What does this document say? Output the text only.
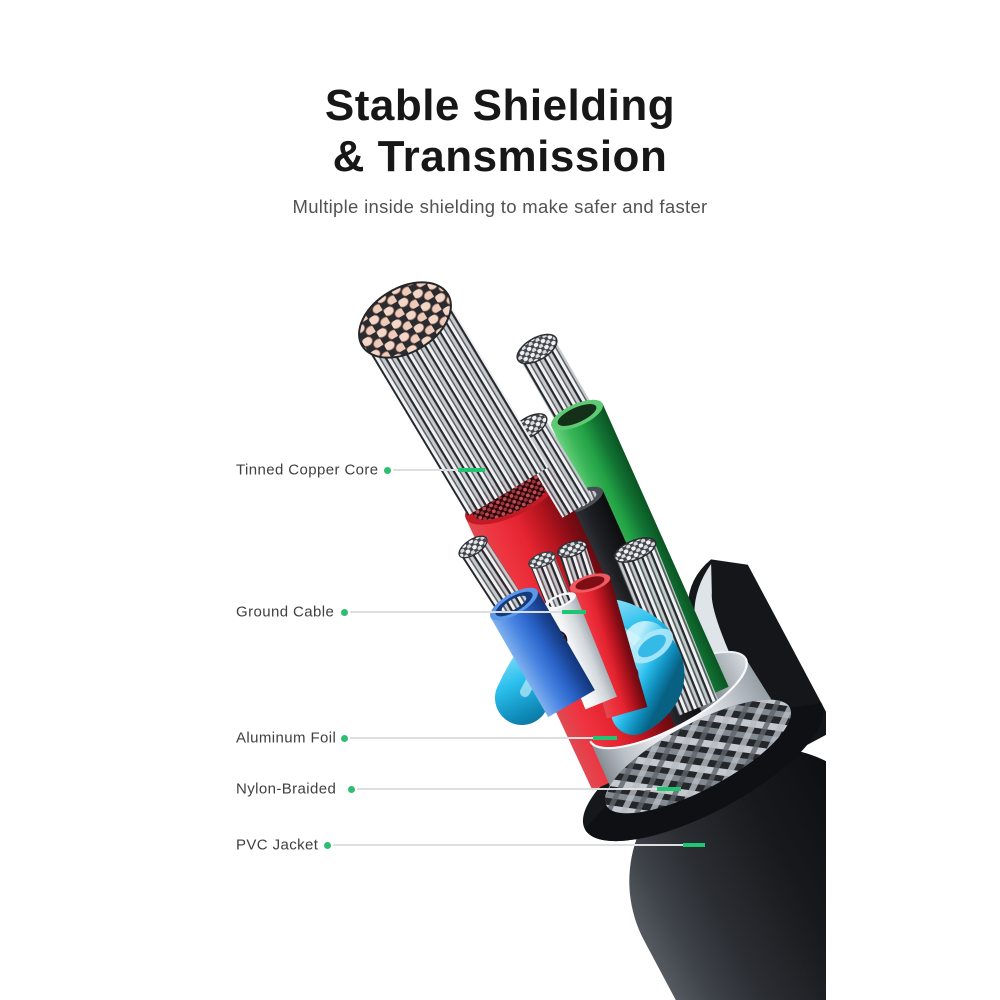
Stable Shielding
& Transmission
Multiple inside shielding to make safer and faster
Tinned Copper Core
Ground Cable
Aluminum Foil
Nylon-Braided
PVC Jacket
